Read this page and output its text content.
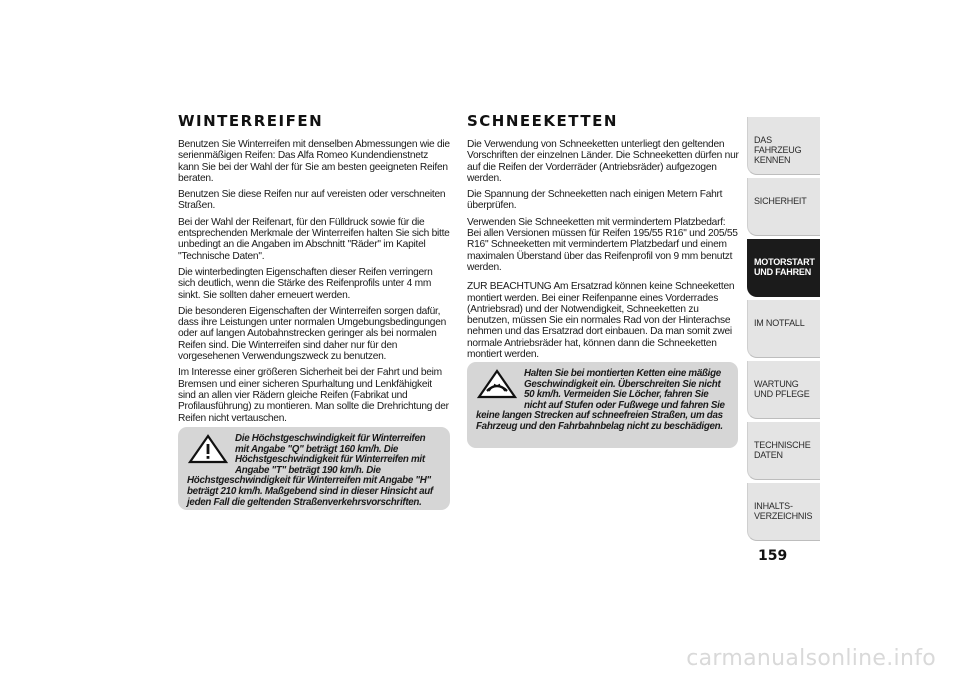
WINTERREIFEN

Benutzen Sie Winterreifen mit denselben Abmessungen wie die serienmäßigen Reifen: Das Alfa Romeo Kundendienstnetz kann Sie bei der Wahl der für Sie am besten geeigneten Reifen beraten.

Benutzen Sie diese Reifen nur auf vereisten oder verschneiten Straßen.

Bei der Wahl der Reifenart, für den Fülldruck sowie für die entsprechenden Merkmale der Winterreifen halten Sie sich bitte unbedingt an die Angaben im Abschnitt "Räder" im Kapitel "Technische Daten".

Die winterbedingten Eigenschaften dieser Reifen verringern sich deutlich, wenn die Stärke des Reifenprofils unter 4 mm sinkt. Sie sollten daher erneuert werden.

Die besonderen Eigenschaften der Winterreifen sorgen dafür, dass ihre Leistungen unter normalen Umgebungsbedingungen oder auf langen Autobahnstrecken geringer als bei normalen Reifen sind. Die Winterreifen sind daher nur für den vorgesehenen Verwendungszweck zu benutzen.

Im Interesse einer größeren Sicherheit bei der Fahrt und beim Bremsen und einer sicheren Spurhaltung und Lenkfähigkeit sind an allen vier Rädern gleiche Reifen (Fabrikat und Profilausführung) zu montieren. Man sollte die Drehrichtung der Reifen nicht vertauschen.

Die Höchstgeschwindigkeit für Winterreifen mit Angabe "Q" beträgt 160 km/h. Die Höchstgeschwindigkeit für Winterreifen mit Angabe "T" beträgt 190 km/h. Die Höchstgeschwindigkeit für Winterreifen mit Angabe "H" beträgt 210 km/h. Maßgebend sind in dieser Hinsicht auf jeden Fall die geltenden Straßenverkehrsvorschriften.

SCHNEEKETTEN

Die Verwendung von Schneeketten unterliegt den geltenden Vorschriften der einzelnen Länder. Die Schneeketten dürfen nur auf die Reifen der Vorderräder (Antriebsräder) aufgezogen werden.

Die Spannung der Schneeketten nach einigen Metern Fahrt überprüfen.

Verwenden Sie Schneeketten mit vermindertem Platzbedarf: Bei allen Versionen müssen für Reifen 195/55 R16" und 205/55 R16" Schneeketten mit vermindertem Platzbedarf und einem maximalen Überstand über das Reifenprofil von 9 mm benutzt werden.

ZUR BEACHTUNG Am Ersatzrad können keine Schneeketten montiert werden. Bei einer Reifenpanne eines Vorderrades (Antriebsrad) und der Notwendigkeit, Schneeketten zu benutzen, müssen Sie ein normales Rad von der Hinterachse nehmen und das Ersatzrad dort einbauen. Da man somit zwei normale Antriebsräder hat, können dann die Schneeketten montiert werden.

Halten Sie bei montierten Ketten eine mäßige Geschwindigkeit ein. Überschreiten Sie nicht 50 km/h. Vermeiden Sie Löcher, fahren Sie nicht auf Stufen oder Fußwege und fahren Sie keine langen Strecken auf schneefreien Straßen, um das Fahrzeug und den Fahrbahnbelag nicht zu beschädigen.

DAS FAHRZEUG KENNEN
SICHERHEIT
MOTORSTART UND FAHREN
IM NOTFALL
WARTUNG UND PFLEGE
TECHNISCHE DATEN
INHALTS-VERZEICHNIS
159
carmanualsonline.info
